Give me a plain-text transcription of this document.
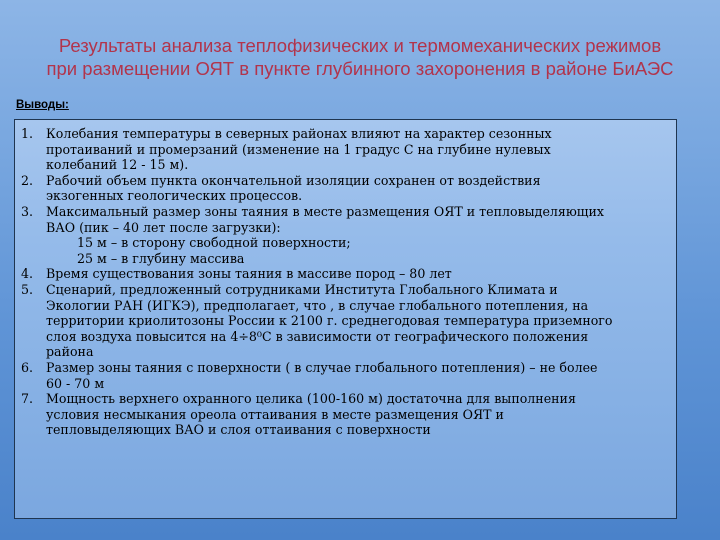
Результаты анализа теплофизических и термомеханических режимов
при размещении ОЯТ в пункте глубинного захоронения в районе БиАЭС
Выводы:
1. Колебания температуры в северных районах влияют на характер сезонных
протаиваний и промерзаний (изменение на 1 градус С на глубине нулевых
колебаний 12 - 15 м).
2. Рабочий объем пункта окончательной изоляции сохранен от воздействия
экзогенных геологических процессов.
3. Максимальный размер зоны таяния в месте размещения ОЯТ и тепловыделяющих
ВАО (пик – 40 лет после загрузки):
15 м – в сторону свободной поверхности;
25 м – в глубину массива
4. Время существования зоны таяния в массиве пород – 80 лет
5. Сценарий, предложенный сотрудниками Института Глобального Климата и
Экологии РАН (ИГКЭ), предполагает, что , в случае глобального потепления, на
территории криолитозоны России к 2100 г. среднегодовая температура приземного
слоя воздуха повысится на 4÷8⁰С в зависимости от географического положения
района
6. Размер зоны таяния с поверхности ( в случае глобального потепления) – не более
60 - 70 м
7. Мощность верхнего охранного целика (100-160 м) достаточна для выполнения
условия несмыкания ореола оттаивания в месте размещения ОЯТ и
тепловыделяющих ВАО и слоя оттаивания с поверхности
